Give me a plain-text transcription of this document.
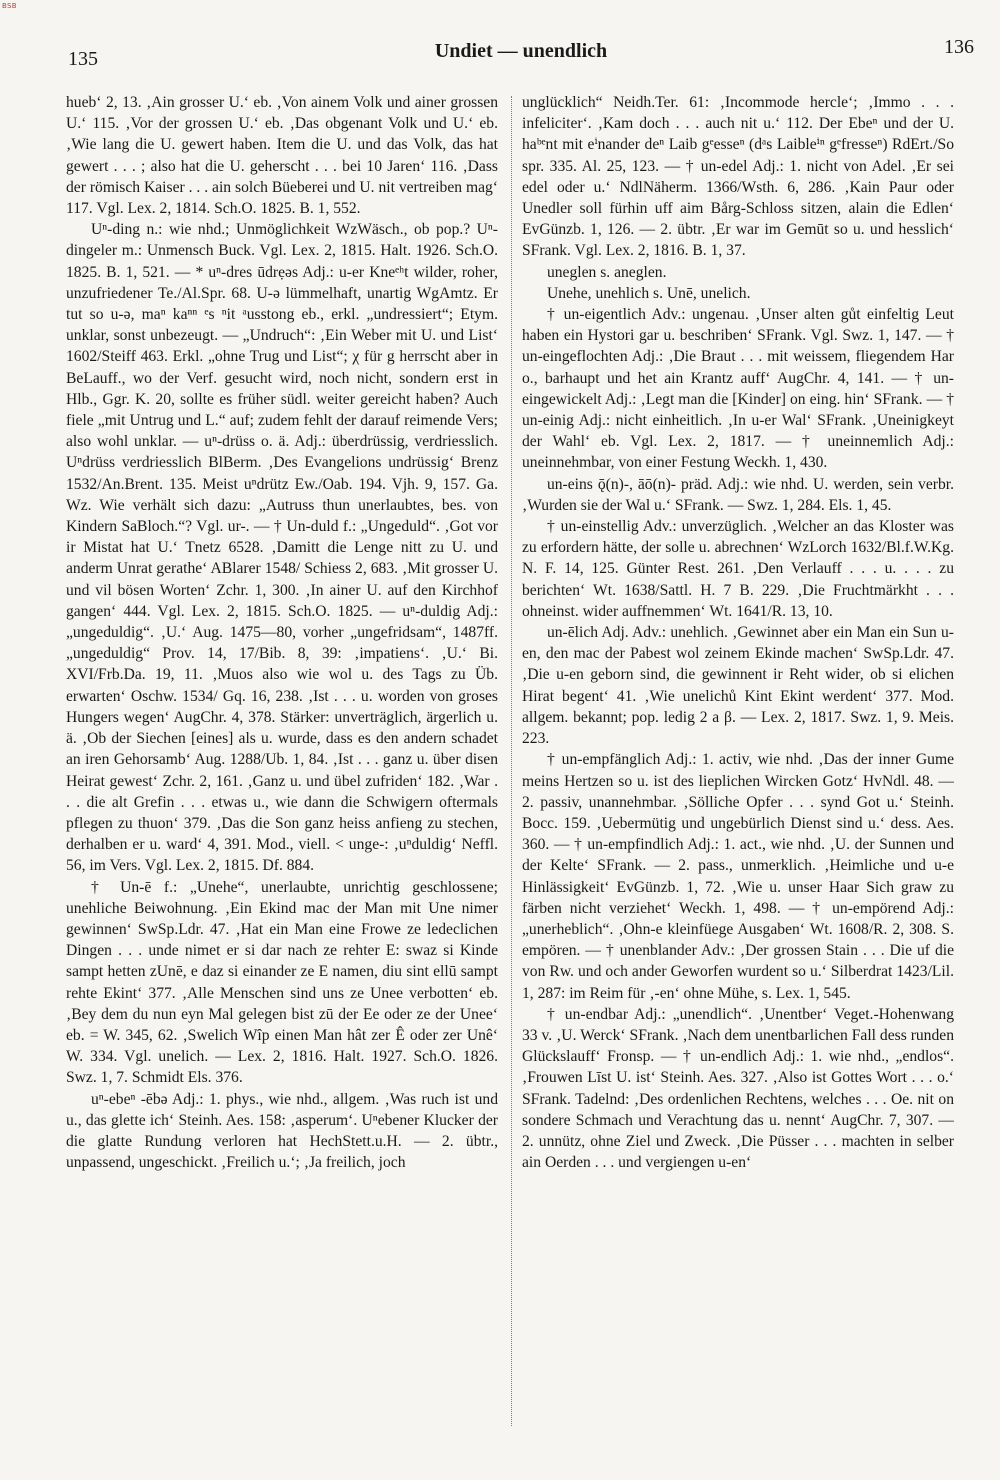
BSB
135	Undiet — unendlich	136

hueb‘ 2, 13. ‚Ain grosser U.‘ eb. ‚Von ainem Volk und ainer grossen U.‘ 115. ‚Vor der grossen U.‘ eb. ‚Das obgenant Volk und U.‘ eb. ‚Wie lang die U. gewert haben. Item die U. und das Volk, das hat gewert . . . ; also hat die U. geherscht . . . bei 10 Jaren‘ 116. ‚Dass der römisch Kaiser . . . ain solch Büeberei und U. nit vertreiben mag‘ 117. Vgl. Lex. 2, 1814. Sch.O. 1825. B. 1, 552.

Uⁿ-ding n.: wie nhd.; Unmöglichkeit WzWäsch., ob pop.? Uⁿ-dingeler m.: Unmensch Buck. Vgl. Lex. 2, 1815. Halt. 1926. Sch.O. 1825. B. 1, 521. — * uⁿ-dres ūdrẹəs Adj.: u-er Kneᵉʰt wilder, roher, unzufriedener Te./Al.Spr. 68. U-ə lümmelhaft, unartig WgAmtz. Er tut so u-ə, maⁿ kaⁿⁿ ᵉs ⁿit ᵃusstong eb., erkl. „undressiert“; Etym. unklar, sonst unbezeugt. — „Undruch“: ‚Ein Weber mit U. und List‘ 1602/Steiff 463. Erkl. „ohne Trug und List“; χ für g herrscht aber in BeLauff., wo der Verf. gesucht wird, noch nicht, sondern erst in Hlb., Ggr. K. 20, sollte es früher südl. weiter gereicht haben? Auch fiele „mit Untrug und L.“ auf; zudem fehlt der darauf reimende Vers; also wohl unklar. — uⁿ-drüss o. ä. Adj.: überdrüssig, verdriesslich. Uⁿdrüss verdriesslich BlBerm. ‚Des Evangelions undrüssig‘ Brenz 1532/An.Brent. 135. Meist uⁿdrütz Ew./Oab. 194. Vjh. 9, 157. Ga. Wz. Wie verhält sich dazu: „Autruss thun unerlaubtes, bes. von Kindern SaBloch.“? Vgl. ur-. — † Un-duld f.: „Ungeduld“. ‚Got vor ir Mistat hat U.‘ Tnetz 6528. ‚Damitt die Lenge nitt zu U. und anderm Unrat gerathe‘ ABlarer 1548/ Schiess 2, 683. ‚Mit grosser U. und vil bösen Worten‘ Zchr. 1, 300. ‚In ainer U. auf den Kirchhof gangen‘ 444. Vgl. Lex. 2, 1815. Sch.O. 1825. — uⁿ-duldig Adj.: „ungeduldig“. ‚U.‘ Aug. 1475—80, vorher „ungefridsam“, 1487ff. „ungeduldig“ Prov. 14, 17/Bib. 8, 39: ‚impatiens‘. ‚U.‘ Bi. XVI/Frb.Da. 19, 11. ‚Muos also wie wol u. des Tags zu Üb. erwarten‘ Oschw. 1534/ Gq. 16, 238. ‚Ist . . . u. worden von groses Hungers wegen‘ AugChr. 4, 378. Stärker: unverträglich, ärgerlich u. ä. ‚Ob der Siechen [eines] als u. wurde, dass es den andern schadet an iren Gehorsamb‘ Aug. 1288/Ub. 1, 84. ‚Ist . . . ganz u. über disen Heirat gewest‘ Zchr. 2, 161. ‚Ganz u. und übel zufriden‘ 182. ‚War . . . die alt Grefin . . . etwas u., wie dann die Schwigern oftermals pflegen zu thuon‘ 379. ‚Das die Son ganz heiss anfieng zu stechen, derhalben er u. ward‘ 4, 391. Mod., viell. < unge-: ‚uⁿduldig‘ Neffl. 56, im Vers. Vgl. Lex. 2, 1815. Df. 884.

† Un-ē f.: „Unehe“, unerlaubte, unrichtig geschlossene; unehliche Beiwohnung. ‚Ein Ekind mac der Man mit Une nimer gewinnen‘ SwSp.Ldr. 47. ‚Hat ein Man eine Frowe ze ledeclichen Dingen . . . unde nimet er si dar nach ze rehter E: swaz si Kinde sampt hetten zUnē, e daz si einander ze E namen, diu sint ellū sampt rehte Ekint‘ 377. ‚Alle Menschen sind uns ze Unee verbotten‘ eb. ‚Bey dem du nun eyn Mal gelegen bist zū der Ee oder ze der Unee‘ eb. = W. 345, 62. ‚Swelich Wîp einen Man hât zer Ê oder zer Unê‘ W. 334. Vgl. unelich. — Lex. 2, 1816. Halt. 1927. Sch.O. 1826. Swz. 1, 7. Schmidt Els. 376.

uⁿ-ebeⁿ -ēbə Adj.: 1. phys., wie nhd., allgem. ‚Was ruch ist und u., das glette ich‘ Steinh. Aes. 158: ‚asperum‘. Uⁿebener Klucker der die glatte Rundung verloren hat HechStett.u.H. — 2. übtr., unpassend, ungeschickt. ‚Freilich u.‘; ‚Ja freilich, joch

unglücklich“ Neidh.Ter. 61: ‚Incommode hercle‘; ‚Immo . . . infeliciter‘. ‚Kam doch . . . auch nit u.‘ 112. Der Ebeⁿ und der U. haᵇᵉnt mit eⁱnander deⁿ Laib gᵉesseⁿ (dᵃs Laibleⁱⁿ gᵉfresseⁿ) RdErt./So spr. 335. Al. 25, 123. — † un-edel Adj.: 1. nicht von Adel. ‚Er sei edel oder u.‘ NdlNäherm. 1366/Wsth. 6, 286. ‚Kain Paur oder Unedler soll fürhin uff aim Bårg-Schloss sitzen, alain die Edlen‘ EvGünzb. 1, 126. — 2. übtr. ‚Er war im Gemūt so u. und hesslich‘ SFrank. Vgl. Lex. 2, 1816. B. 1, 37.

uneglen s. aneglen.

Unehe, unehlich s. Unē, unelich.

† un-eigentlich Adv.: ungenau. ‚Unser alten gůt einfeltig Leut haben ein Hystori gar u. beschriben‘ SFrank. Vgl. Swz. 1, 147. — † un-eingeflochten Adj.: ‚Die Braut . . . mit weissem, fliegendem Har o., barhaupt und het ain Krantz auff‘ AugChr. 4, 141. — † un-eingewickelt Adj.: ‚Legt man die [Kinder] on eing. hin‘ SFrank. — † un-einig Adj.: nicht einheitlich. ‚In u-er Wal‘ SFrank. ‚Uneinigkeyt der Wahl‘ eb. Vgl. Lex. 2, 1817. — † uneinnemlich Adj.: uneinnehmbar, von einer Festung Weckh. 1, 430.

un-eins ǭ(n)-, āō(n)- präd. Adj.: wie nhd. U. werden, sein verbr. ‚Wurden sie der Wal u.‘ SFrank. — Swz. 1, 284. Els. 1, 45.

† un-einstellig Adv.: unverzüglich. ‚Welcher an das Kloster was zu erfordern hätte, der solle u. abrechnen‘ WzLorch 1632/Bl.f.W.Kg. N. F. 14, 125. Günter Rest. 261. ‚Den Verlauff . . . u. . . . zu berichten‘ Wt. 1638/Sattl. H. 7 B. 229. ‚Die Fruchtmärkht . . . ohneinst. wider auffnemmen‘ Wt. 1641/R. 13, 10.

un-ēlich Adj. Adv.: unehlich. ‚Gewinnet aber ein Man ein Sun u-en, den mac der Pabest wol zeinem Ekinde machen‘ SwSp.Ldr. 47. ‚Die u-en geborn sind, die gewinnent ir Reht wider, ob si elichen Hirat begent‘ 41. ‚Wie unelichů Kint Ekint werdent‘ 377. Mod. allgem. bekannt; pop. ledig 2 a β. — Lex. 2, 1817. Swz. 1, 9. Meis. 223.

† un-empfänglich Adj.: 1. activ, wie nhd. ‚Das der inner Gume meins Hertzen so u. ist des lieplichen Wircken Gotz‘ HvNdl. 48. — 2. passiv, unannehmbar. ‚Sölliche Opfer . . . synd Got u.‘ Steinh. Bocc. 159. ‚Uebermütig und ungebürlich Dienst sind u.‘ dess. Aes. 360. — † un-empfindlich Adj.: 1. act., wie nhd. ‚U. der Sunnen und der Kelte‘ SFrank. — 2. pass., unmerklich. ‚Heimliche und u-e Hinlässigkeit‘ EvGünzb. 1, 72. ‚Wie u. unser Haar Sich graw zu färben nicht verziehet‘ Weckh. 1, 498. — † un-empörend Adj.: „unerheblich“. ‚Ohn-e kleinfüege Ausgaben‘ Wt. 1608/R. 2, 308. S. empören. — † unenblander Adv.: ‚Der grossen Stain . . . Die uf die von Rw. und och ander Geworfen wurdent so u.‘ Silberdrat 1423/Lil. 1, 287: im Reim für ‚-en‘ ohne Mühe, s. Lex. 1, 545.

† un-endbar Adj.: „unendlich“. ‚Unentber‘ Veget.-Hohenwang 33 v. ‚U. Werck‘ SFrank. ‚Nach dem unentbarlichen Fall dess runden Glückslauff‘ Fronsp. — † un-endlich Adj.: 1. wie nhd., „endlos“. ‚Frouwen Līst U. ist‘ Steinh. Aes. 327. ‚Also ist Gottes Wort . . . o.‘ SFrank. Tadelnd: ‚Des ordenlichen Rechtens, welches . . . Oe. nit on sondere Schmach und Verachtung das u. nennt‘ AugChr. 7, 307. — 2. unnütz, ohne Ziel und Zweck. ‚Die Püsser . . . machten in selber ain Oerden . . . und vergiengen u-en‘
